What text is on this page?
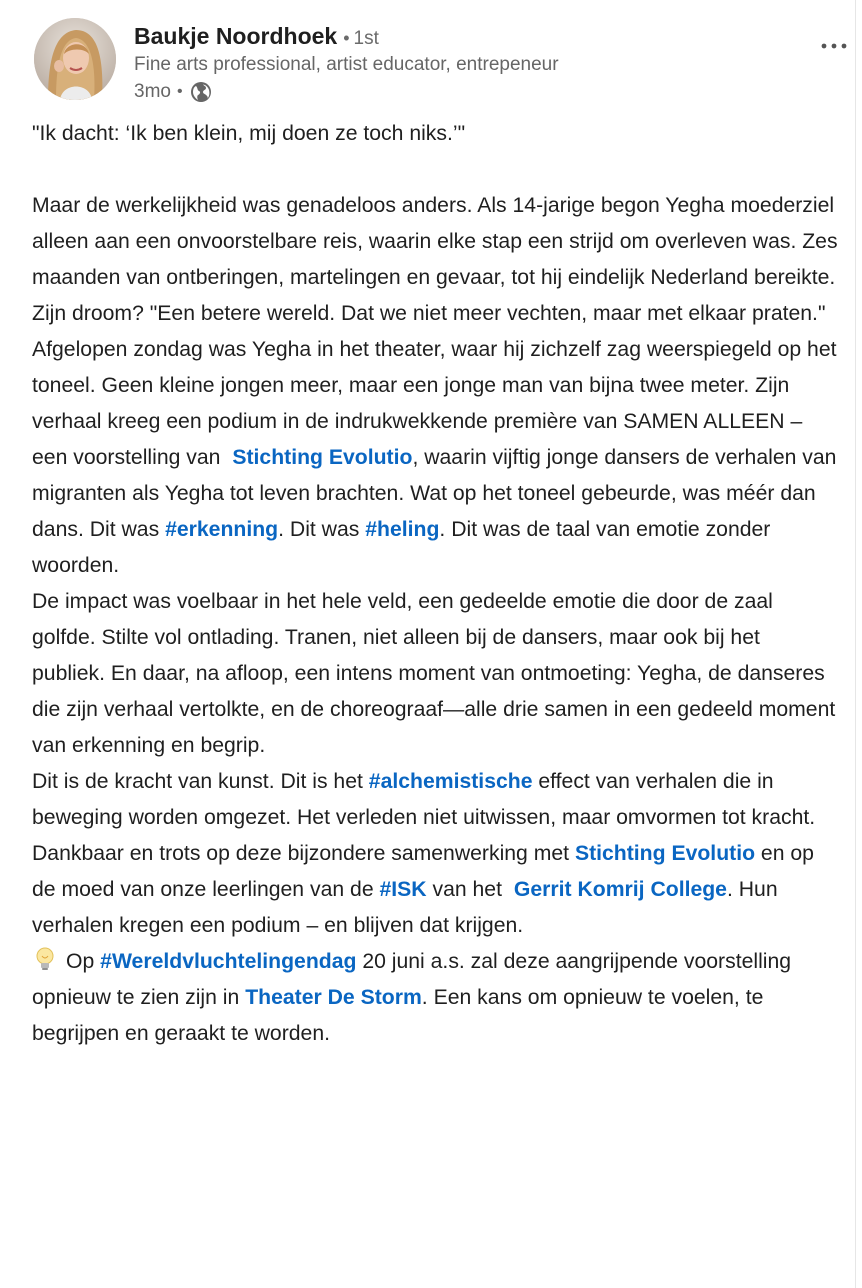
Baukje Noordhoek • 1st
Fine arts professional, artist educator, entrepeneur
3mo •

"Ik dacht: ‘Ik ben klein, mij doen ze toch niks.’"

Maar de werkelijkheid was genadeloos anders. Als 14-jarige begon Yegha moederziel alleen aan een onvoorstelbare reis, waarin elke stap een strijd om overleven was. Zes maanden van ontberingen, martelingen en gevaar, tot hij eindelijk Nederland bereikte. Zijn droom? "Een betere wereld. Dat we niet meer vechten, maar met elkaar praten."

Afgelopen zondag was Yegha in het theater, waar hij zichzelf zag weerspiegeld op het toneel. Geen kleine jongen meer, maar een jonge man van bijna twee meter. Zijn verhaal kreeg een podium in de indrukwekkende première van SAMEN ALLEEN – een voorstelling van Stichting Evolutio, waarin vijftig jonge dansers de verhalen van migranten als Yegha tot leven brachten. Wat op het toneel gebeurde, was méér dan dans. Dit was #erkenning. Dit was #heling. Dit was de taal van emotie zonder woorden.

De impact was voelbaar in het hele veld, een gedeelde emotie die door de zaal golfde. Stilte vol ontlading. Tranen, niet alleen bij de dansers, maar ook bij het publiek. En daar, na afloop, een intens moment van ontmoeting: Yegha, de danseres die zijn verhaal vertolkte, en de choreograaf—alle drie samen in een gedeeld moment van erkenning en begrip.

Dit is de kracht van kunst. Dit is het #alchemistische effect van verhalen die in beweging worden omgezet. Het verleden niet uitwissen, maar omvormen tot kracht.

Dankbaar en trots op deze bijzondere samenwerking met Stichting Evolutio en op de moed van onze leerlingen van de #ISK van het Gerrit Komrij College. Hun verhalen kregen een podium – en blijven dat krijgen.

Op #Wereldvluchtelingendag 20 juni a.s. zal deze aangrijpende voorstelling opnieuw te zien zijn in Theater De Storm. Een kans om opnieuw te voelen, te begrijpen en geraakt te worden.
